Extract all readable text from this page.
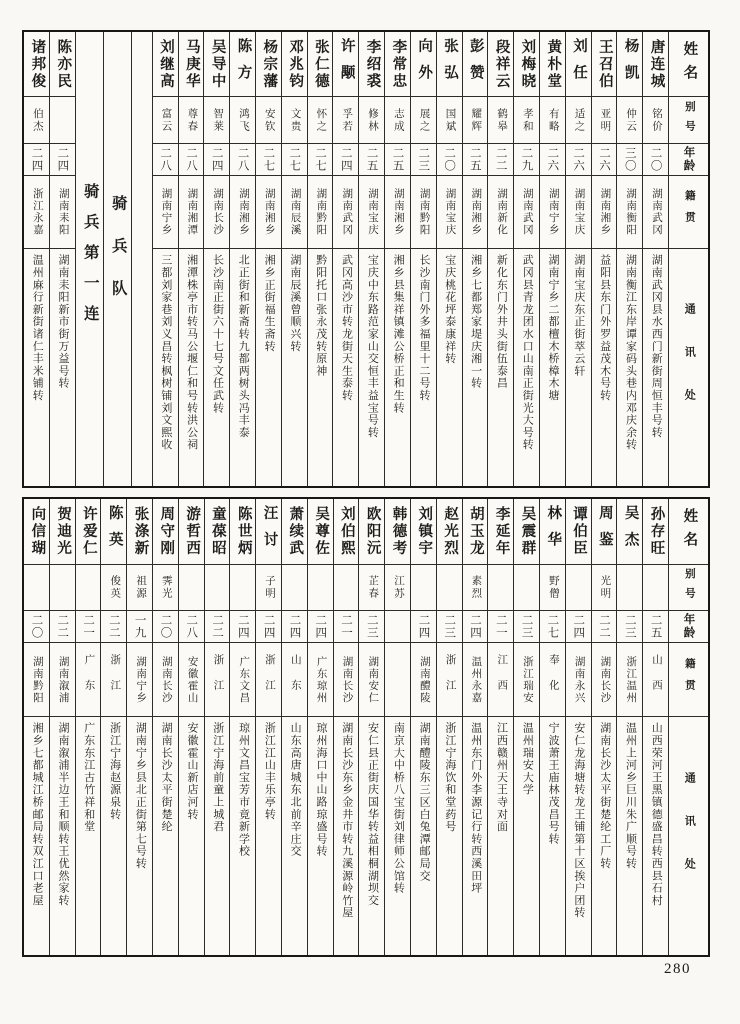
姓名
别号
年龄
籍贯
通讯处
唐连城
铭价
二〇
湖南武冈
湖南武冈县水西门新街周恒丰号转
杨凯
仲云
三〇
湖南衡阳
湖南衡江东岸谭家码头巷内邓庆余转
王召伯
亚明
二六
湖南湘乡
益阳县东门外罗益茂木号转
刘任
适之
二六
湖南宝庆
湖南宝庆东正街萃云轩
黄朴堂
有略
二六
湖南宁乡
湖南宁乡二都檀木桥樟木塘
刘梅晓
孝和
二九
湖南武冈
武冈县青龙团水口山南正街光大号转
段祥云
鹤皋
二二
湖南新化
新化东门外井头街伍泰昌
彭赞
耀辉
二五
湖南湘乡
湘乡七都郑家堤庆湘一转
张弘
国斌
二〇
湖南宝庆
宝庆桃花坪泰康祥转
向外
展之
二三
湖南黔阳
长沙南门外多福里十二号转
李常忠
志成
二五
湖南湘乡
湘乡县集祥镇滩公桥正和生转
李绍裘
修林
二五
湖南宝庆
宝庆中东路范家山交恒丰益宝号转
许颙
孚若
二四
湖南武冈
武冈高沙市转龙街天生泰转
张仁德
怀之
二七
湖南黔阳
黔阳托口张永茂转原神
邓兆钧
文贵
二七
湖南辰溪
湖南辰溪曾顺兴转
杨宗藩
安钦
二七
湖南湘乡
湘乡正街福生斋转
陈方
鸿飞
二八
湖南湘乡
北正街和新斋转九都两树头冯丰泰
吴导中
智莱
二四
湖南长沙
长沙南正街六十七号文任武转
马庚华
尊春
二八
湖南湘潭
湘潭株亭市转马公堰仁和号转洪公祠
刘继高
富云
二八
湖南宁乡
三都刘家巷刘义昌转枫树铺刘文熙收
骑兵队
骑兵第一连
陈亦民
二四
湖南耒阳
湖南耒阳新市街万益号转
诸邦俊
伯杰
二四
浙江永嘉
温州麻行新街诸仁丰米铺转
姓名
别号
年龄
籍贯
通讯处
孙存旺
二五
山西
山西荣河王黑镇德盛昌转西县石村
吴杰
二三
浙江温州
温州上河乡巨川朱广顺号转
周鉴
光明
二二
湖南长沙
湖南长沙太平街楚纶工厂转
谭伯臣
二四
湖南永兴
安仁龙海塘转龙王铺第十区挨户团转
林华
野僧
二七
奉化
宁波萧王庙林茂昌号转
吴震群
二三
浙江瑞安
温州瑞安大学
李延年
二一
江西
江西赣州天王寺对面
胡玉龙
素烈
二四
温州永嘉
温州东门外李源记行转西溪田坪
赵光烈
二三
浙江
浙江宁海饮和堂药号
刘镇宇
二四
湖南醴陵
湖南醴陵东三区白兔潭邮局交
韩德考
江苏
南京大中桥八宝街刘律师公馆转
欧阳沅
芷春
二三
湖南安仁
安仁县正街庆国华转益相桐湖坝交
刘伯熙
二一
湖南长沙
湖南长沙东乡金井市转九溪源岭竹屋
吴尊佐
二四
广东琼州
琼州海口中山路琼盛号转
萧续武
二四
山东
山东高唐城东北前辛庄交
汪讨
子明
二四
浙江
浙江江山丰乐亭转
陈世炳
二四
广东文昌
琼州文昌宝芳市竟新学校
童葆昭
二二
浙江
浙江宁海前童上城君
游哲西
二八
安徽霍山
安徽霍山新店河转
周守刚
霁光
二〇
湖南长沙
湖南长沙太平街楚纶
张涤新
祖源
一九
湖南宁乡
湖南宁乡县北正街第七号转
陈英
俊英
二二
浙江
浙江宁海赵源泉转
许爱仁
二一
广东
广东东江古竹祥和堂
贺迪光
二二
湖南溆浦
湖南溆浦半边王和顺转王优然家转
向信瑚
二〇
湖南黔阳
湘乡七都城江桥邮局转双江口老屋
280
